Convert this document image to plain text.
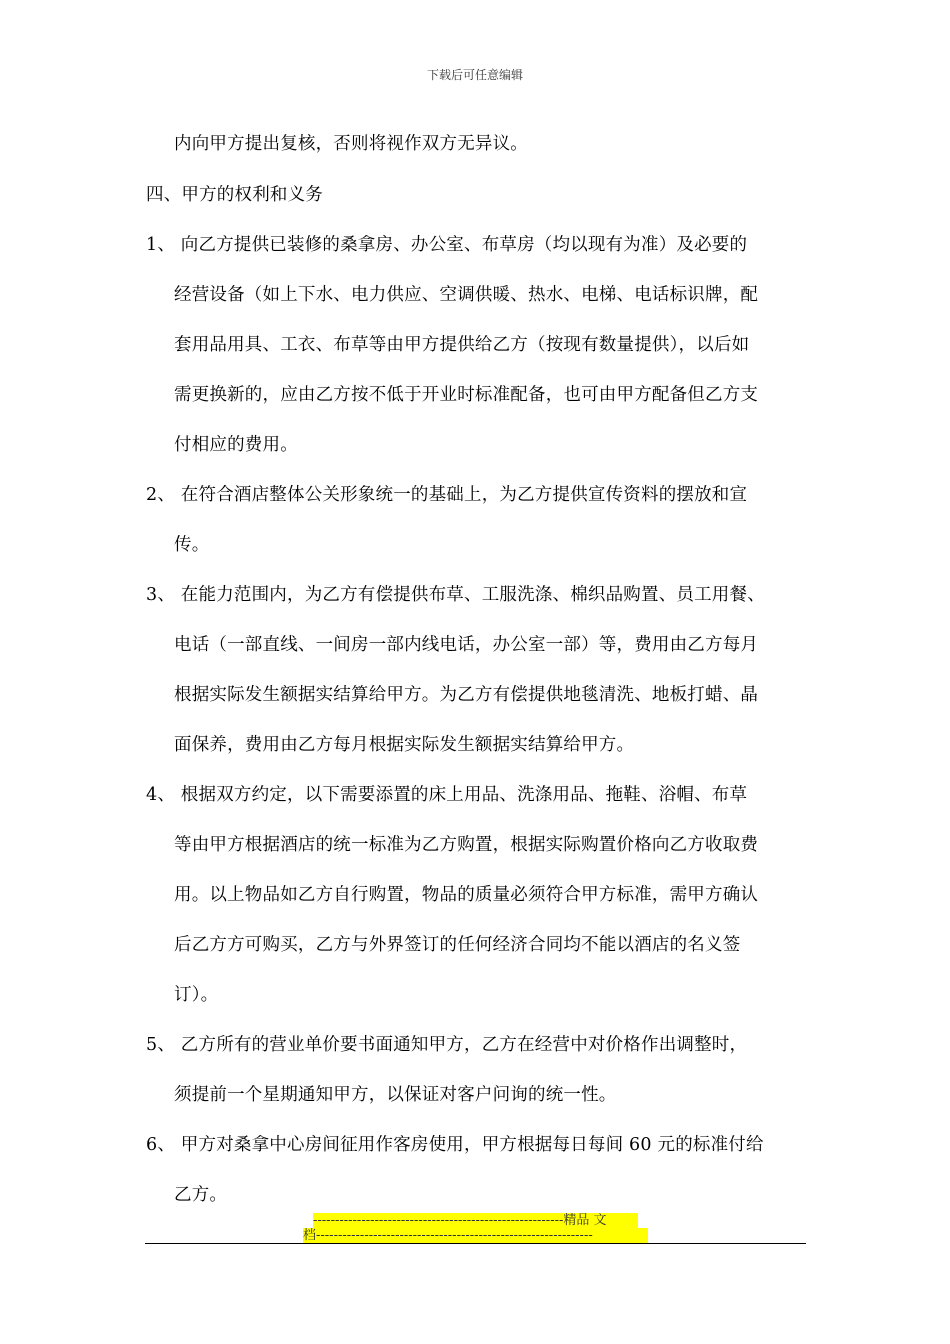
下载后可任意编辑
内向甲方提出复核，否则将视作双方无异议。
四、甲方的权利和义务
1、 向乙方提供已装修的桑拿房、办公室、布草房（均以现有为准）及必要的
经营设备（如上下水、电力供应、空调供暖、热水、电梯、电话标识牌，配
套用品用具、工衣、布草等由甲方提供给乙方（按现有数量提供），以后如
需更换新的，应由乙方按不低于开业时标准配备，也可由甲方配备但乙方支
付相应的费用。
2、 在符合酒店整体公关形象统一的基础上，为乙方提供宣传资料的摆放和宣
传。
3、 在能力范围内，为乙方有偿提供布草、工服洗涤、棉织品购置、员工用餐、
电话（一部直线、一间房一部内线电话，办公室一部）等，费用由乙方每月
根据实际发生额据实结算给甲方。为乙方有偿提供地毯清洗、地板打蜡、晶
面保养，费用由乙方每月根据实际发生额据实结算给甲方。
4、 根据双方约定，以下需要添置的床上用品、洗涤用品、拖鞋、浴帽、布草
等由甲方根据酒店的统一标准为乙方购置，根据实际购置价格向乙方收取费
用。以上物品如乙方自行购置，物品的质量必须符合甲方标准，需甲方确认
后乙方方可购买，乙方与外界签订的任何经济合同均不能以酒店的名义签
订）。
5、 乙方所有的营业单价要书面通知甲方，乙方在经营中对价格作出调整时，
须提前一个星期通知甲方，以保证对客户问询的统一性。
6、 甲方对桑拿中心房间征用作客房使用，甲方根据每日每间 60 元的标准付给
乙方。
---------------------------------------------------------精品 文
档---------------------------------------------------------------
